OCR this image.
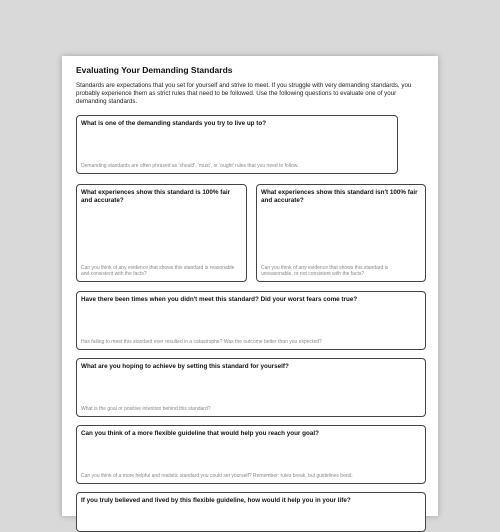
Evaluating Your Demanding Standards
Standards are expectations that you set for yourself and strive to meet. If you struggle with very demanding standards, you probably experience them as strict rules that need to be followed. Use the following questions to evaluate one of your demanding standards.
What is one of the demanding standards you try to live up to?
Demanding standards are often phrased as 'should', 'must', or 'ought' rules that you need to follow.
What experiences show this standard is 100% fair and accurate?
Can you think of any evidence that shows this standard is reasonable and consistent with the facts?
What experiences show this standard isn't 100% fair and accurate?
Can you think of any evidence that shows this standard is unreasonable, or not consistent with the facts?
Have there been times when you didn't meet this standard? Did your worst fears come true?
Has failing to meet this standard ever resulted in a catastrophe? Was the outcome better than you expected?
What are you hoping to achieve by setting this standard for yourself?
What is the goal or positive intention behind this standard?
Can you think of a more flexible guideline that would help you reach your goal?
Can you think of a more helpful and realistic standard you could set yourself? Remember: rules break, but guidelines bend.
If you truly believed and lived by this flexible guideline, how would it help you in your life?
